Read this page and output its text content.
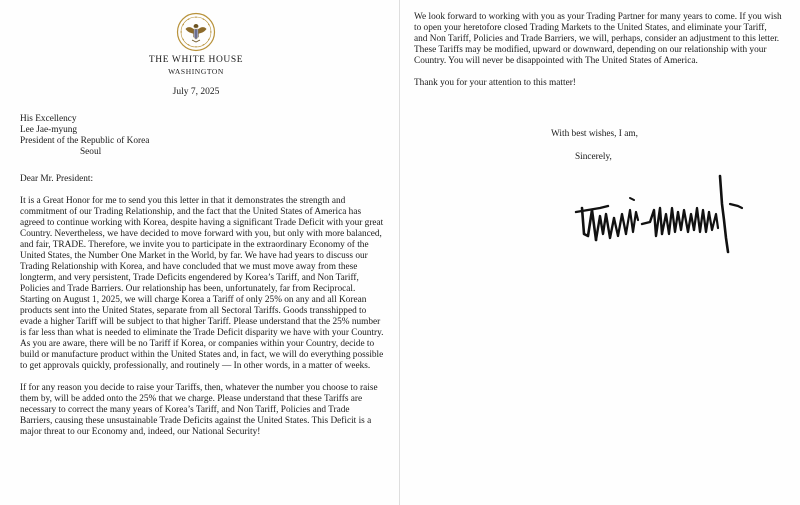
THE WHITE HOUSE
WASHINGTON
July 7, 2025
His Excellency
Lee Jae-myung
President of the Republic of Korea
Seoul
Dear Mr. President:

It is a Great Honor for me to send you this letter in that it demonstrates the strength and commitment of our Trading Relationship, and the fact that the United States of America has agreed to continue working with Korea, despite having a significant Trade Deficit with your great Country. Nevertheless, we have decided to move forward with you, but only with more balanced, and fair, TRADE. Therefore, we invite you to participate in the extraordinary Economy of the United States, the Number One Market in the World, by far. We have had years to discuss our Trading Relationship with Korea, and have concluded that we must move away from these longterm, and very persistent, Trade Deficits engendered by Korea’s Tariff, and Non Tariff, Policies and Trade Barriers. Our relationship has been, unfortunately, far from Reciprocal. Starting on August 1, 2025, we will charge Korea a Tariff of only 25% on any and all Korean products sent into the United States, separate from all Sectoral Tariffs. Goods transshipped to evade a higher Tariff will be subject to that higher Tariff. Please understand that the 25% number is far less than what is needed to eliminate the Trade Deficit disparity we have with your Country. As you are aware, there will be no Tariff if Korea, or companies within your Country, decide to build or manufacture product within the United States and, in fact, we will do everything possible to get approvals quickly, professionally, and routinely — In other words, in a matter of weeks.

If for any reason you decide to raise your Tariffs, then, whatever the number you choose to raise them by, will be added onto the 25% that we charge. Please understand that these Tariffs are necessary to correct the many years of Korea’s Tariff, and Non Tariff, Policies and Trade Barriers, causing these unsustainable Trade Deficits against the United States. This Deficit is a major threat to our Economy and, indeed, our National Security!

We look forward to working with you as your Trading Partner for many years to come. If you wish to open your heretofore closed Trading Markets to the United States, and eliminate your Tariff, and Non Tariff, Policies and Trade Barriers, we will, perhaps, consider an adjustment to this letter. These Tariffs may be modified, upward or downward, depending on our relationship with your Country. You will never be disappointed with The United States of America.

Thank you for your attention to this matter!
With best wishes, I am,
Sincerely,
